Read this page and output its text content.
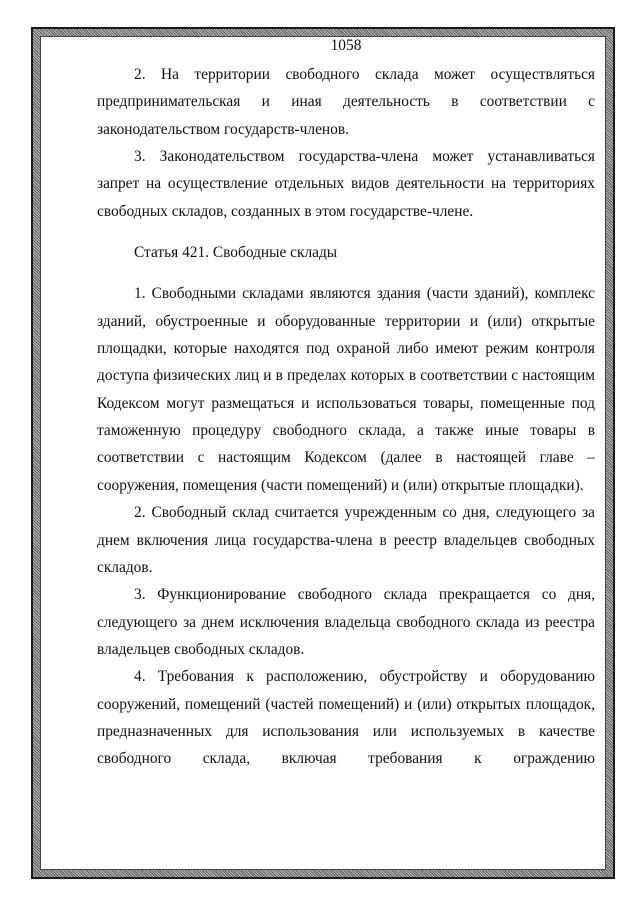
1058

2. На территории свободного склада может осуществляться предпринимательская и иная деятельность в соответствии с законодательством государств-членов.

3. Законодательством государства-члена может устанавливаться запрет на осуществление отдельных видов деятельности на территориях свободных складов, созданных в этом государстве-члене.

Статья 421. Свободные склады

1. Свободными складами являются здания (части зданий), комплекс зданий, обустроенные и оборудованные территории и (или) открытые площадки, которые находятся под охраной либо имеют режим контроля доступа физических лиц и в пределах которых в соответствии с настоящим Кодексом могут размещаться и использоваться товары, помещенные под таможенную процедуру свободного склада, а также иные товары в соответствии с настоящим Кодексом (далее в настоящей главе – сооружения, помещения (части помещений) и (или) открытые площадки).

2. Свободный склад считается учрежденным со дня, следующего за днем включения лица государства-члена в реестр владельцев свободных складов.

3. Функционирование свободного склада прекращается со дня, следующего за днем исключения владельца свободного склада из реестра владельцев свободных складов.

4. Требования к расположению, обустройству и оборудованию сооружений, помещений (частей помещений) и (или) открытых площадок, предназначенных для использования или используемых в качестве свободного склада, включая требования к ограждению
